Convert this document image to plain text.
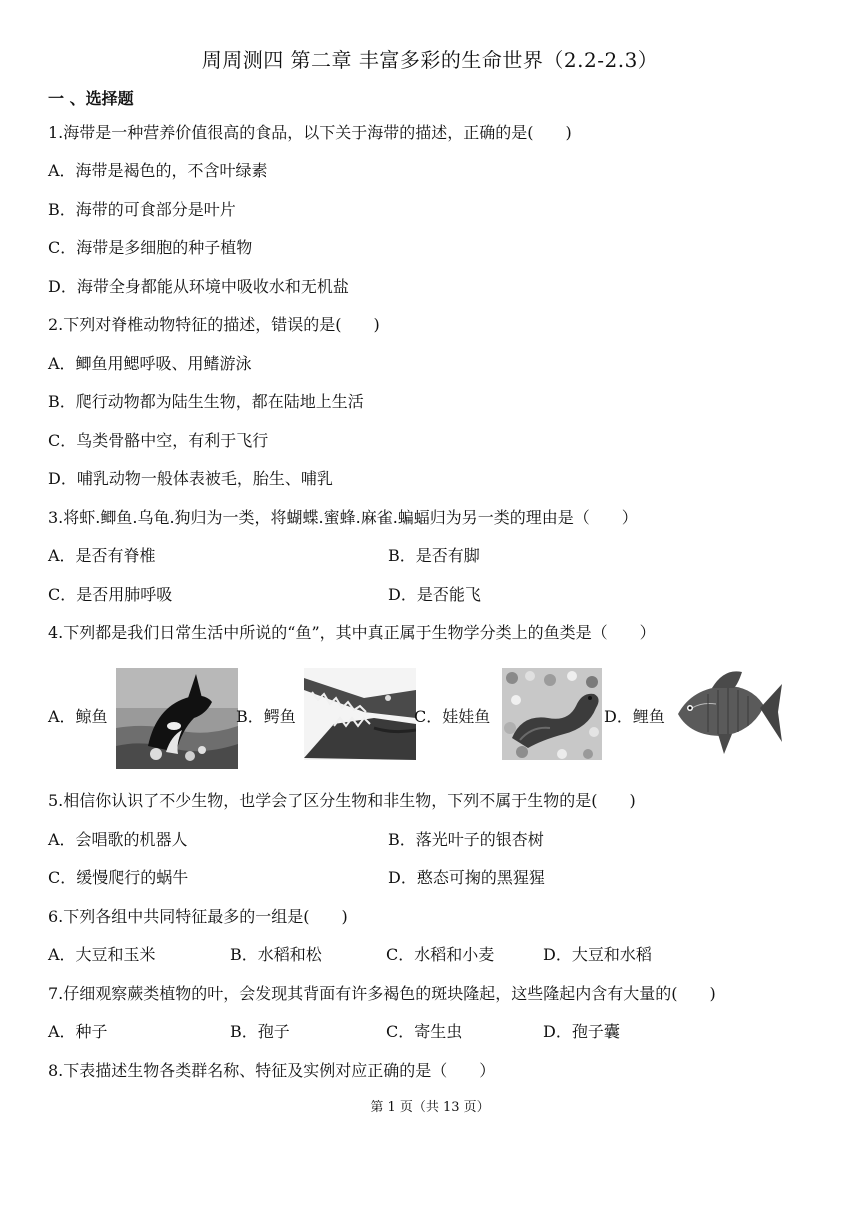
周周测四 第二章 丰富多彩的生命世界（2.2-2.3）
一 、选择题
1.海带是一种营养价值很高的食品，以下关于海带的描述，正确的是(　　)
A．海带是褐色的，不含叶绿素
B．海带的可食部分是叶片
C．海带是多细胞的种子植物
D．海带全身都能从环境中吸收水和无机盐
2.下列对脊椎动物特征的描述，错误的是(　　)
A．鲫鱼用鳃呼吸、用鳍游泳
B．爬行动物都为陆生生物，都在陆地上生活
C．鸟类骨骼中空，有利于飞行
D．哺乳动物一般体表被毛，胎生、哺乳
3.将虾.鲫鱼.乌龟.狗归为一类，将蝴蝶.蜜蜂.麻雀.蝙蝠归为另一类的理由是（　　）
A．是否有脊椎	B．是否有脚
C．是否用肺呼吸	D．是否能飞
4.下列都是我们日常生活中所说的“鱼”，其中真正属于生物学分类上的鱼类是（　　）
A．鲸鱼	B．鳄鱼	C．娃娃鱼	D．鲤鱼
5.相信你认识了不少生物，也学会了区分生物和非生物，下列不属于生物的是(　　)
A．会唱歌的机器人	B．落光叶子的银杏树
C．缓慢爬行的蜗牛	D．憨态可掬的黑猩猩
6.下列各组中共同特征最多的一组是(　　)
A．大豆和玉米	B．水稻和松	C．水稻和小麦	D．大豆和水稻
7.仔细观察蕨类植物的叶，会发现其背面有许多褐色的斑块隆起，这些隆起内含有大量的(　　)
A．种子	B．孢子	C．寄生虫	D．孢子囊
8.下表描述生物各类群名称、特征及实例对应正确的是（　　）
第 1 页（共 13 页）
